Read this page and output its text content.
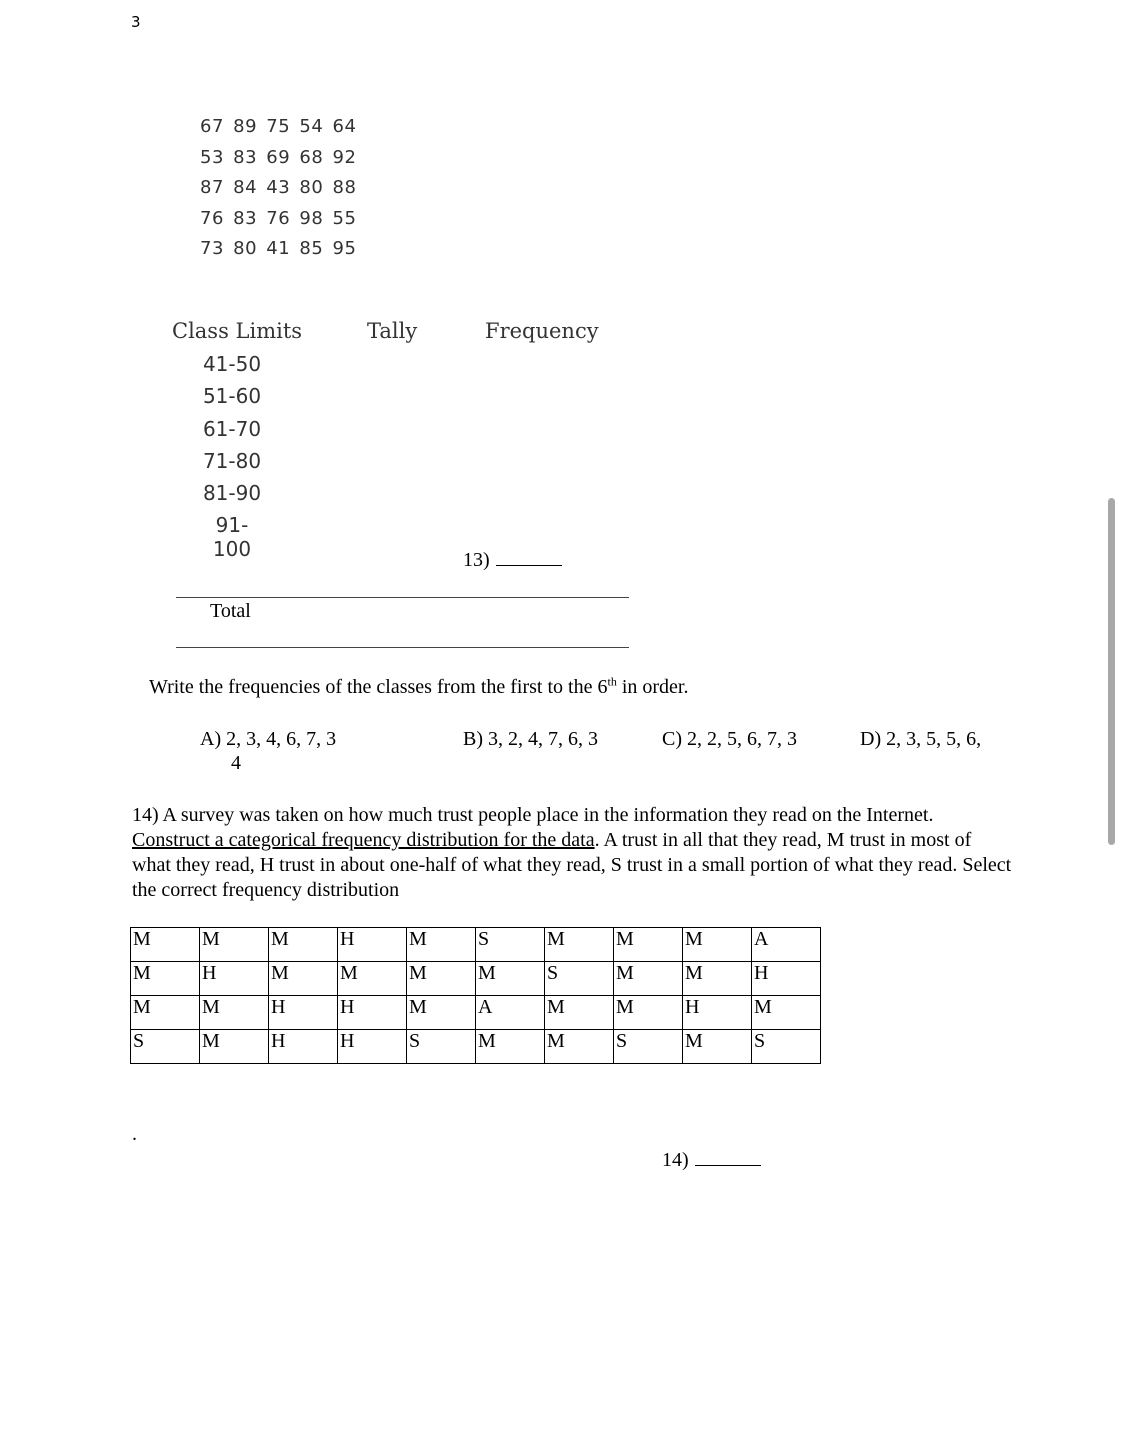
3
67 89 75 54 64
53 83 69 68 92
87 84 43 80 88
76 83 76 98 55
73 80 41 85 95
Class Limits	Tally	Frequency
41-50
51-60
61-70
71-80
81-90
91-100
Total
13)
Write the frequencies of the classes from the first to the 6th in order.
A) 2, 3, 4, 6, 7, 3
4
B) 3, 2, 4, 7, 6, 3	C) 2, 2, 5, 6, 7, 3	D) 2, 3, 5, 5, 6,
14) A survey was taken on how much trust people place in the information they read on the Internet. Construct a categorical frequency distribution for the data. A trust in all that they read, M trust in most of what they read, H trust in about one-half of what they read, S trust in a small portion of what they read. Select the correct frequency distribution
M	M	M	H	M	S	M	M	M	A
M	H	M	M	M	M	S	M	M	H
M	M	H	H	M	A	M	M	H	M
S	M	H	H	S	M	M	S	M	S
.
14)
